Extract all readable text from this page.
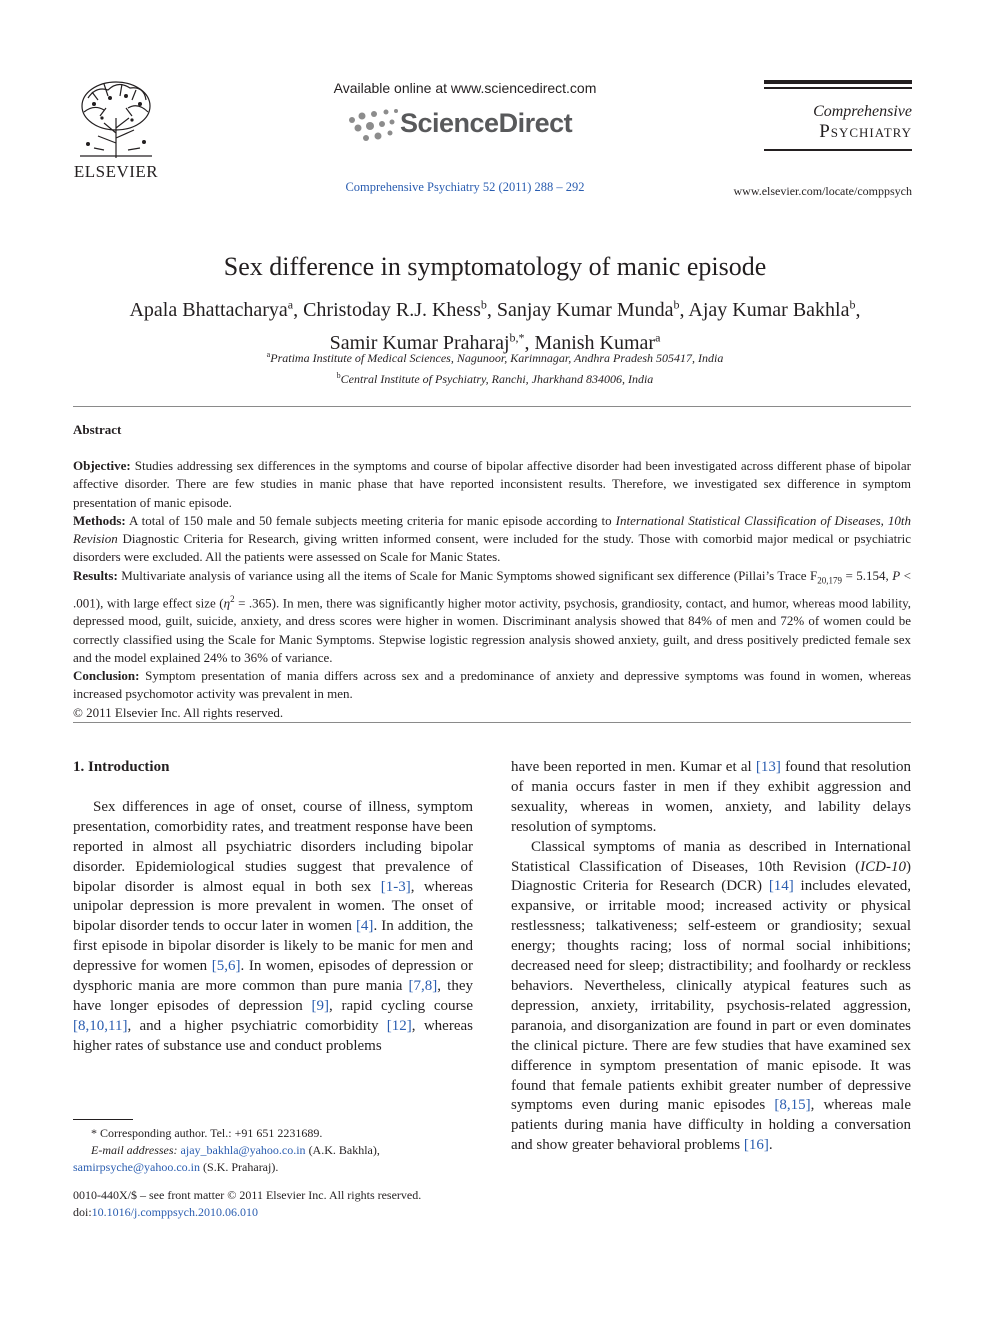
ELSEVIER
Available online at www.sciencedirect.com
ScienceDirect
Comprehensive Psychiatry 52 (2011) 288 – 292
Comprehensive
Psychiatry
www.elsevier.com/locate/comppsych
Sex difference in symptomatology of manic episode
Apala Bhattacharya$^a$, Christoday R.J. Khess$^b$, Sanjay Kumar Munda$^b$, Ajay Kumar Bakhla$^b$,
Samir Kumar Praharaj$^{b,*}$, Manish Kumar$^a$
$^a$Pratima Institute of Medical Sciences, Nagunoor, Karimnagar, Andhra Pradesh 505417, India
$^b$Central Institute of Psychiatry, Ranchi, Jharkhand 834006, India
Abstract

Objective: Studies addressing sex differences in the symptoms and course of bipolar affective disorder had been investigated across different phase of bipolar affective disorder. There are few studies in manic phase that have reported inconsistent results. Therefore, we investigated sex difference in symptom presentation of manic episode.

Methods: A total of 150 male and 50 female subjects meeting criteria for manic episode according to International Statistical Classification of Diseases, 10th Revision Diagnostic Criteria for Research, giving written informed consent, were included for the study. Those with comorbid major medical or psychiatric disorders were excluded. All the patients were assessed on Scale for Manic States.

Results: Multivariate analysis of variance using all the items of Scale for Manic Symptoms showed significant sex difference (Pillai’s Trace $F_{20,179} = 5.154$, P < .001), with large effect size $(\eta^2 = .365)$. In men, there was significantly higher motor activity, psychosis, grandiosity, contact, and humor, whereas mood lability, depressed mood, guilt, suicide, anxiety, and dress scores were higher in women. Discriminant analysis showed that 84% of men and 72% of women could be correctly classified using the Scale for Manic Symptoms. Stepwise logistic regression analysis showed anxiety, guilt, and dress positively predicted female sex and the model explained 24% to 36% of variance.

Conclusion: Symptom presentation of mania differs across sex and a predominance of anxiety and depressive symptoms was found in women, whereas increased psychomotor activity was prevalent in men.

© 2011 Elsevier Inc. All rights reserved.

1. Introduction

Sex differences in age of onset, course of illness, symptom presentation, comorbidity rates, and treatment response have been reported in almost all psychiatric disorders including bipolar disorder. Epidemiological studies suggest that prevalence of bipolar disorder is almost equal in both sex [1-3], whereas unipolar depression is more prevalent in women. The onset of bipolar disorder tends to occur later in women [4]. In addition, the first episode in bipolar disorder is likely to be manic for men and depressive for women [5,6]. In women, episodes of depression or dysphoric mania are more common than pure mania [7,8], they have longer episodes of depression [9], rapid cycling course [8,10,11], and a higher psychiatric comorbidity [12], whereas higher rates of substance use and conduct problems

* Corresponding author. Tel.: +91 651 2231689.

E-mail addresses: ajay_bakhla@yahoo.co.in (A.K. Bakhla),

samirpsyche@yahoo.co.in (S.K. Praharaj).

0010-440X/$ – see front matter © 2011 Elsevier Inc. All rights reserved.

doi:10.1016/j.comppsych.2010.06.010

have been reported in men. Kumar et al [13] found that resolution of mania occurs faster in men if they exhibit aggression and sexuality, whereas in women, anxiety, and lability delays resolution of symptoms.

Classical symptoms of mania as described in International Statistical Classification of Diseases, 10th Revision (ICD-10) Diagnostic Criteria for Research (DCR) [14] includes elevated, expansive, or irritable mood; increased activity or physical restlessness; talkativeness; self-esteem or grandiosity; sexual energy; thoughts racing; loss of normal social inhibitions; decreased need for sleep; distractibility; and foolhardy or reckless behaviors. Nevertheless, clinically atypical features such as depression, anxiety, irritability, psychosis-related aggression, paranoia, and disorganization are found in part or even dominates the clinical picture. There are few studies that have examined sex difference in symptom presentation of manic episode. It was found that female patients exhibit greater number of depressive symptoms even during manic episodes [8,15], whereas male patients during mania have difficulty in holding a conversation and show greater behavioral problems [16].
